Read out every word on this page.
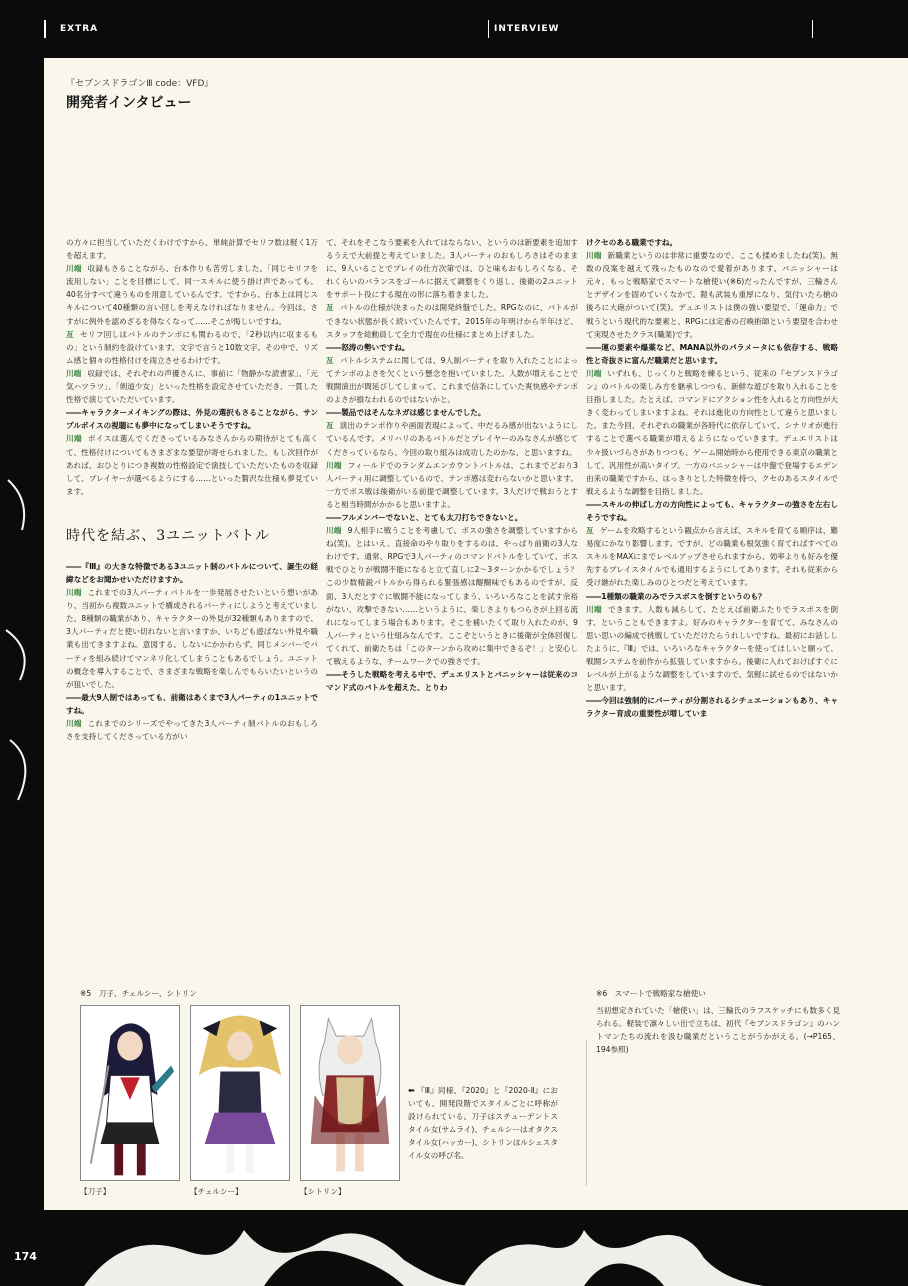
EXTRA	INTERVIEW
『セブンスドラゴンⅢ code：VFD』
開発者インタビュー

の方々に担当していただくわけですから、単純計算でセリフ数は軽く1万を超えます。

川端 収録もさることながら、台本作りも苦労しました。「同じセリフを流用しない」ことを目標にして、同一スキルに使う掛け声であっても、40名分すべて違うものを用意しているんです。ですから、台本上は同じスキルについて40種類の言い回しを考えなければなりません。今回は、さすがに例外を認めざるを得なくなって……そこが悔しいですね。

亙 セリフ回しはバトルのテンポにも関わるので、「2秒以内に収まるもの」という制約を設けています。文字で言うと10数文字。その中で、リズム感と個々の性格付けを両立させるわけです。

川端 収録では、それぞれの声優さんに、事前に「物静かな読書家」、「元気ハツラツ」、「剣道少女」といった性格を設定させていただき、一貫した性格で演じていただいています。

――キャラクターメイキングの際は、外見の選択もさることながら、サンプルボイスの視聴にも夢中になってしまいそうですね。

川端 ボイスは選んでくださっているみなさんからの期待がとても高くて、性格付けについてもさまざまな要望が寄せられました。もし次回作があれば、おひとりにつき複数の性格設定で演技していただいたものを収録して、プレイヤーが選べるようにする……といった贅沢な仕様も夢見ています。

時代を結ぶ、3ユニットバトル

――『Ⅲ』の大きな特徴である3ユニット制のバトルについて、誕生の経緯などをお聞かせいただけますか。

川端 これまでの3人パーティバトルを一歩発展させたいという想いがあり、当初から複数ユニットで構成されるパーティにしようと考えていました。8種類の職業があり、キャラクターの外見が32種類もありますので、3人パーティだと使い切れないと言いますか、いちども遊ばない外見や職業も出てきますよね。意図する、しないにかかわらず、同じメンバーでパーティを組み続けてマンネリ化してしまうこともあるでしょう。ユニットの概念を導入することで、さまざまな戦略を楽しんでもらいたいというのが狙いでした。

――最大9人制ではあっても、前衛はあくまで3人パーティの1ユニットですね。

川端 これまでのシリーズでやってきた3人パーティ制バトルのおもしろさを支持してくださっている方がい

て、それをそこなう要素を入れてはならない、というのは新要素を追加するうえで大前提と考えていました。3人パーティのおもしろさはそのままに、9人いることでプレイの仕方次第では、ひと味もおもしろくなる、それくらいのバランスをゴールに据えて調整をくり返し、後衛の2ユニットをサポート役にする現在の形に落ち着きました。

亙 バトルの仕様が決まったのは開発終盤でした。RPGなのに、バトルができない状態が長く続いていたんです。2015年の年明けから半年ほど、スタッフを総動員して全力で現在の仕様にまとめ上げました。

――怒涛の勢いですね。

亙 バトルシステムに関しては、9人制パーティを取り入れたことによってテンポのよさを欠くという懸念を抱いていました。人数が増えることで戦闘演出が間延びしてしまって、これまで信条にしていた爽快感やテンポのよさが損なわれるのではないかと。

――製品ではそんなネガは感じませんでした。

亙 演出のテンポ作りや画面表現によって、中だるみ感が出ないようにしているんです。メリハリのあるバトルだとプレイヤーのみなさんが感じてくださっているなら、今回の取り組みは成功したのかな、と思いますね。

川端 フィールドでのランダムエンカウントバトルは、これまでどおり3人パーティ用に調整しているので、テンポ感は変わらないかと思います。一方でボス戦は後衛がいる前提で調整しています。3人だけで戦おうとすると相当時間がかかると思いますよ。

――フルメンバーでないと、とても太刀打ちできないと。

川端 9人相手に戦うことを考慮して、ボスの強さを調整していますからね(笑)。とはいえ、直接命のやり取りをするのは、やっぱり前衛の3人なわけです。通常、RPGで3人パーティのコマンドバトルをしていて、ボス戦でひとりが戦闘不能になると立て直しに2～3ターンかかるでしょう？　この少数精鋭バトルから得られる緊張感は醍醐味でもあるのですが、反面、3人だとすぐに戦闘不能になってしまう、いろいろなことを試す余裕がない、攻撃できない……というように、楽しさよりもつらさが上回る流れになってしまう場合もあります。そこを補いたくて取り入れたのが、9人パーティという仕組みなんです。ここぞというときに後衛が全体回復してくれて、前衛たちは「このターンから攻めに集中できるぞ！」と安心して戦えるような、チームワークでの強さです。

――そうした戦略を考える中で、デュエリストとバニッシャーは従来のコマンド式のバトルを超えた、とりわ

けクセのある職業ですね。

川端 新職業というのは非常に重要なので、ここも揉めましたね(笑)。無数の没案を越えて残ったものなので愛着があります。バニッシャーは元々、もっと戦略家でスマートな槍使い(※6)だったんですが、三輪さんとデザインを固めていくなかで、鎧も武装も重厚になり、気付いたら槍の後ろに大砲がついて(笑)。デュエリストは僕の強い要望で、「運命力」で戦うという現代的な要素と、RPGには定番の召喚術師という要望を合わせて実現させたクラス(職業)です。

――運の要素や爆薬など、MANA以外のパラメータにも依存する、戦略性と奇抜さに富んだ職業だと思います。

川端 いずれも、じっくりと戦略を練るという、従来の『セブンスドラゴン』のバトルの楽しみ方を継承しつつも、新鮮な遊びを取り入れることを目指しました。たとえば、コマンドにアクション性を入れると方向性が大きく変わってしまいますよね。それは進化の方向性として違うと思いました。また今回、それぞれの職業が各時代に依存していて、シナリオが進行することで選べる職業が増えるようになっていきます。デュエリストは少々扱いづらさがありつつも、ゲーム開始時から使用できる東京の職業として、汎用性が高いタイプ。一方のバニッシャーは中盤で登場するエデン由来の職業ですから、はっきりとした特徴を持つ、クセのあるスタイルで戦えるような調整を目指しました。

――スキルの伸ばし方の方向性によっても、キャラクターの強さを左右しそうですね。

亙 ゲームを攻略するという観点から言えば、スキルを育てる順序は、難易度にかなり影響します。ですが、どの職業も根気強く育てればすべてのスキルをMAXにまでレベルアップさせられますから、効率よりも好みを優先するプレイスタイルでも通用するようにしてあります。それも従来から受け継がれた楽しみのひとつだと考えています。

――1種類の職業のみでラスボスを倒すというのも？

川端 できます。人数も減らして、たとえば前衛ふたりでラスボスを倒す、ということもできますよ。好みのキャラクターを育てて、みなさんの思い思いの編成で挑戦していただけたらうれしいですね。最初にお話ししたように、『Ⅲ』では、いろいろなキャラクターを使ってほしいと願って、戦闘システムを前作から拡張していますから。後衛に入れておけばすぐにレベルが上がるような調整をしていますので、気軽に試せるのではないかと思います。

――今回は強制的にパーティが分割されるシチュエーションもあり、キャラクター育成の重要性が増していま

※5　刀子、チェルシー、シトリン
【刀子】	【チェルシー】	【シトリン】
⬅ 『Ⅲ』同様、『2020』と『2020-Ⅱ』においても、開発段階でスタイルごとに呼称が設けられている。刀子はスチューデントスタイル女(サムライ)、チェルシーはオタクスタイル女(ハッカー)、シトリンはルシェスタイル女の呼び名。
※6　スマートで戦略家な槍使い
当初想定されていた「槍使い」は、三輪氏のラフスケッチにも数多く見られる。軽装で凛々しい出で立ちは、初代『セブンスドラゴン』のハントマンたちの流れを汲む職業だということがうかがえる。(→P165、194参照)
174
